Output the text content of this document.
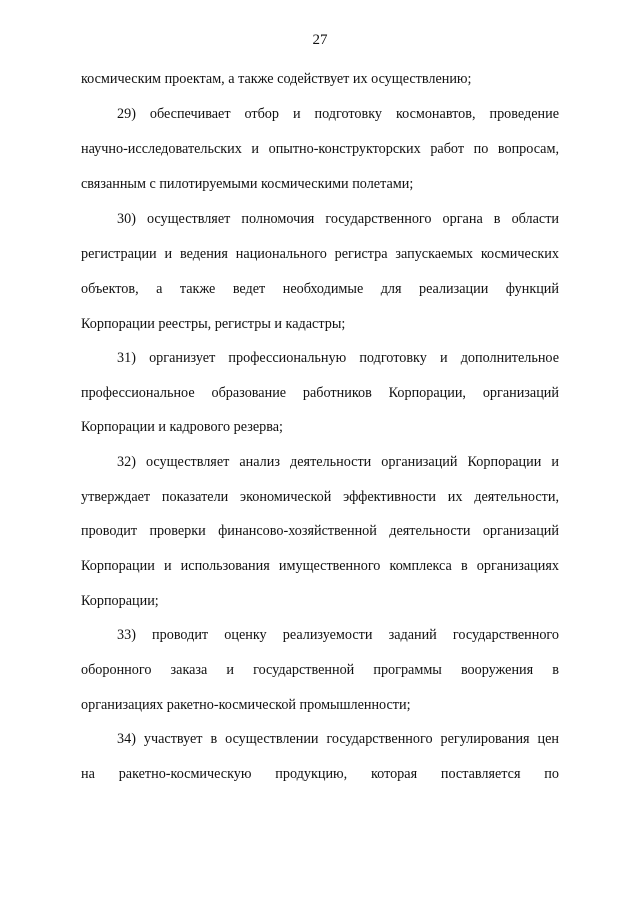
27
космическим проектам, а также содействует их осуществлению;
29) обеспечивает отбор и подготовку космонавтов, проведение
научно-исследовательских и опытно-конструкторских работ по вопросам,
связанным с пилотируемыми космическими полетами;
30) осуществляет полномочия государственного органа в области
регистрации и ведения национального регистра запускаемых космических
объектов, а также ведет необходимые для реализации функций
Корпорации реестры, регистры и кадастры;
31) организует профессиональную подготовку и дополнительное
профессиональное образование работников Корпорации, организаций
Корпорации и кадрового резерва;
32) осуществляет анализ деятельности организаций Корпорации и
утверждает показатели экономической эффективности их деятельности,
проводит проверки финансово-хозяйственной деятельности организаций
Корпорации и использования имущественного комплекса в организациях
Корпорации;
33) проводит оценку реализуемости заданий государственного
оборонного заказа и государственной программы вооружения в
организациях ракетно-космической промышленности;
34) участвует в осуществлении государственного регулирования цен
на ракетно-космическую продукцию, которая поставляется по
